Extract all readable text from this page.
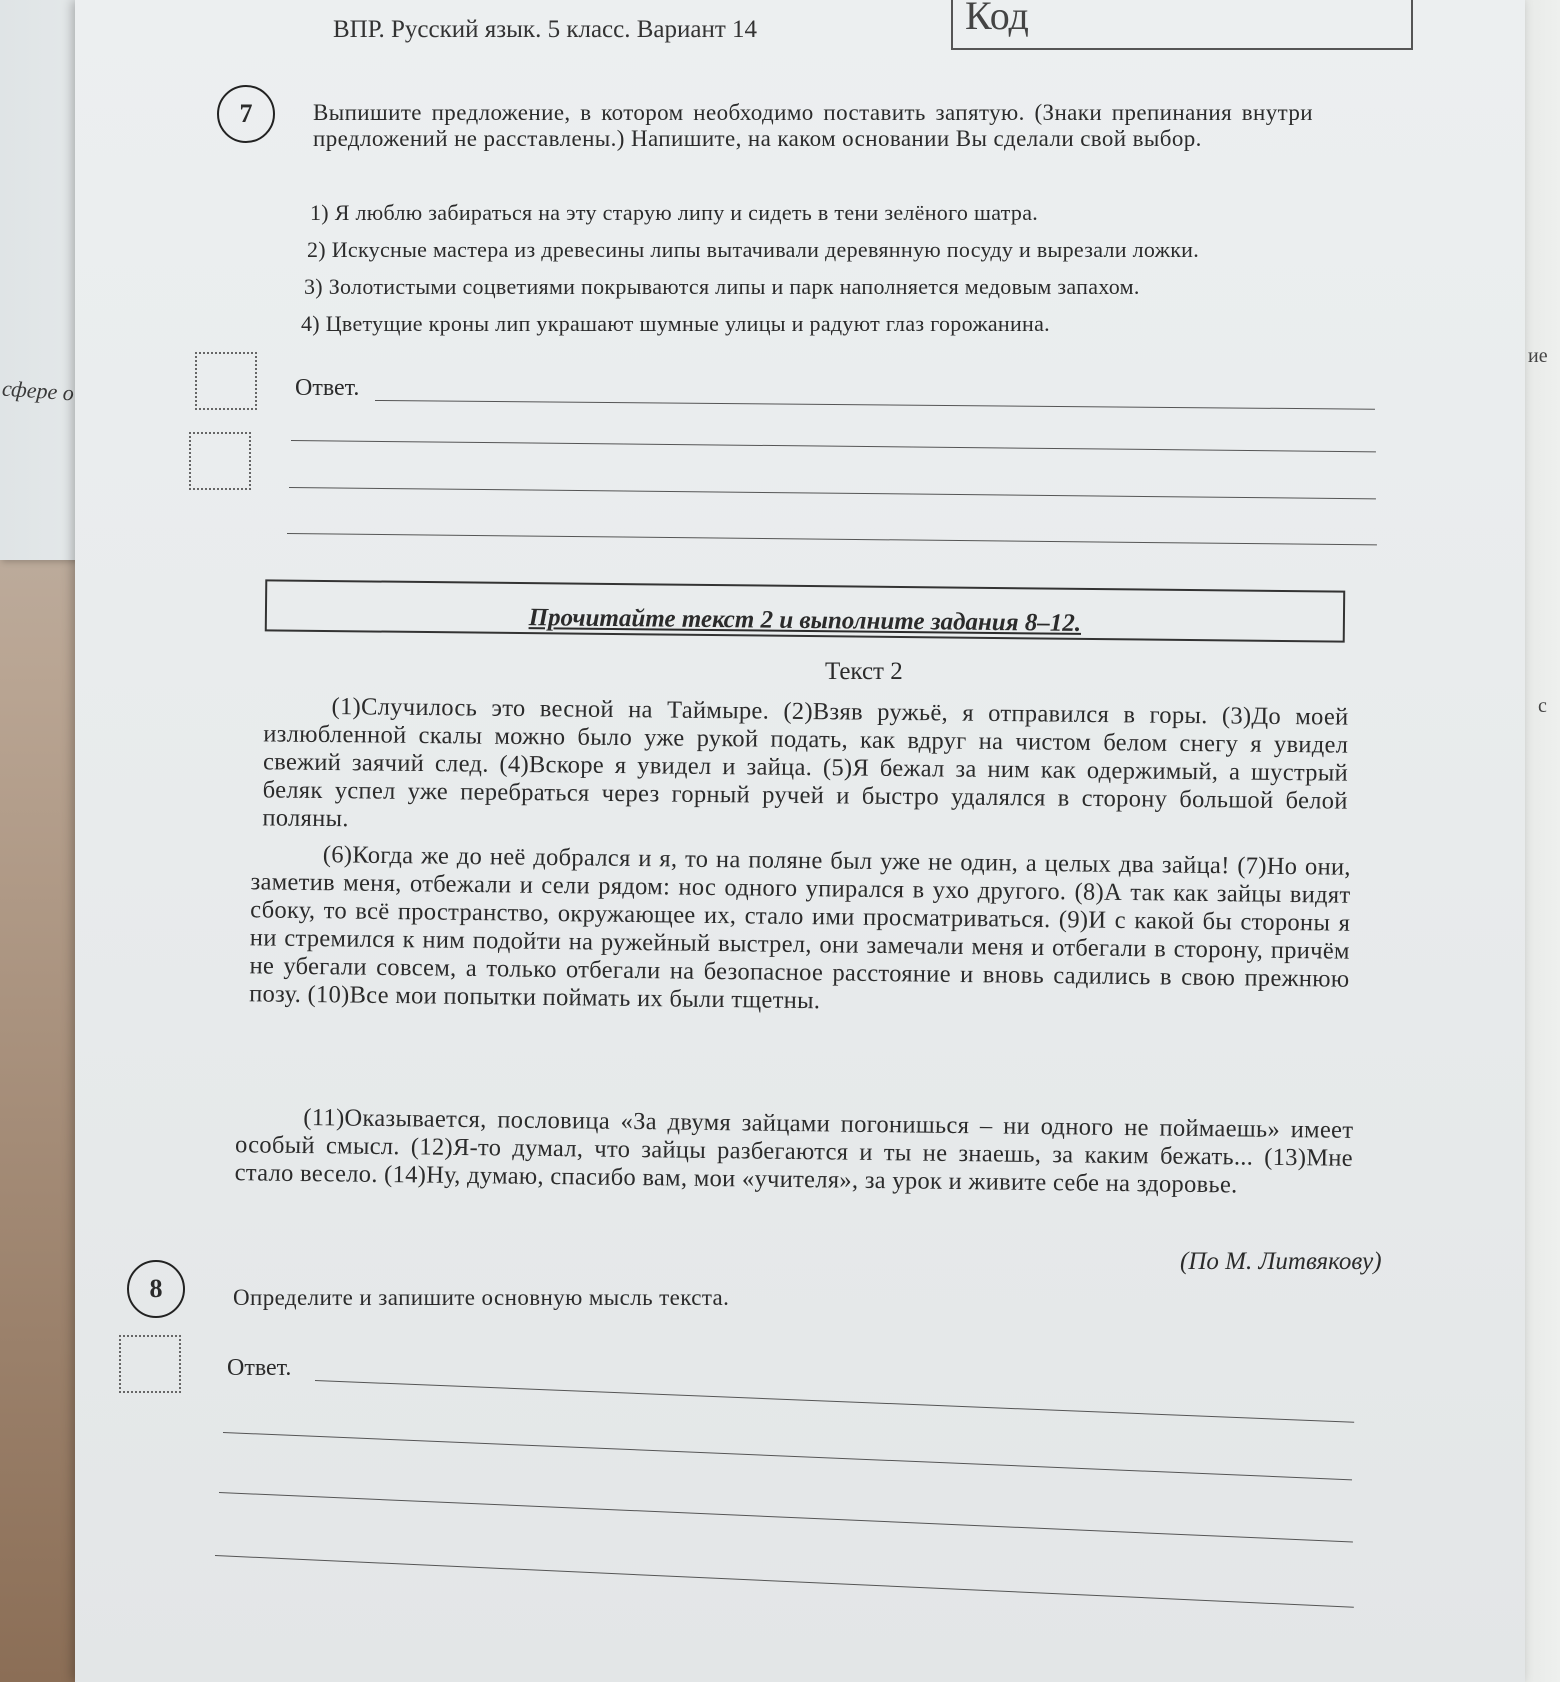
сфере о
ие
с
ВПР. Русский язык. 5 класс. Вариант 14	Код
7	Выпишите предложение, в котором необходимо поставить запятую. (Знаки препинания внутри предложений не расставлены.) Напишите, на каком основании Вы сделали свой выбор.
1) Я люблю забираться на эту старую липу и сидеть в тени зелёного шатра.
2) Искусные мастера из древесины липы вытачивали деревянную посуду и вырезали ложки.
3) Золотистыми соцветиями покрываются липы и парк наполняется медовым запахом.
4) Цветущие кроны лип украшают шумные улицы и радуют глаз горожанина.
Ответ.
Прочитайте текст 2 и выполните задания 8–12.
Текст 2
(1)Случилось это весной на Таймыре. (2)Взяв ружьё, я отправился в горы. (3)До моей излюбленной скалы можно было уже рукой подать, как вдруг на чистом белом снегу я увидел свежий заячий след. (4)Вскоре я увидел и зайца. (5)Я бежал за ним как одержимый, а шустрый беляк успел уже перебраться через горный ручей и быстро удалялся в сторону большой белой поляны.
(6)Когда же до неё добрался и я, то на поляне был уже не один, а целых два зайца! (7)Но они, заметив меня, отбежали и сели рядом: нос одного упирался в ухо другого. (8)А так как зайцы видят сбоку, то всё пространство, окружающее их, стало ими просматриваться. (9)И с какой бы стороны я ни стремился к ним подойти на ружейный выстрел, они замечали меня и отбегали в сторону, причём не убегали совсем, а только отбегали на безопасное расстояние и вновь садились в свою прежнюю позу. (10)Все мои попытки поймать их были тщетны.
(11)Оказывается, пословица «За двумя зайцами погонишься – ни одного не поймаешь» имеет особый смысл. (12)Я-то думал, что зайцы разбегаются и ты не знаешь, за каким бежать... (13)Мне стало весело. (14)Ну, думаю, спасибо вам, мои «учителя», за урок и живите себе на здоровье.
(По М. Литвякову)
8	Определите и запишите основную мысль текста.
Ответ.
